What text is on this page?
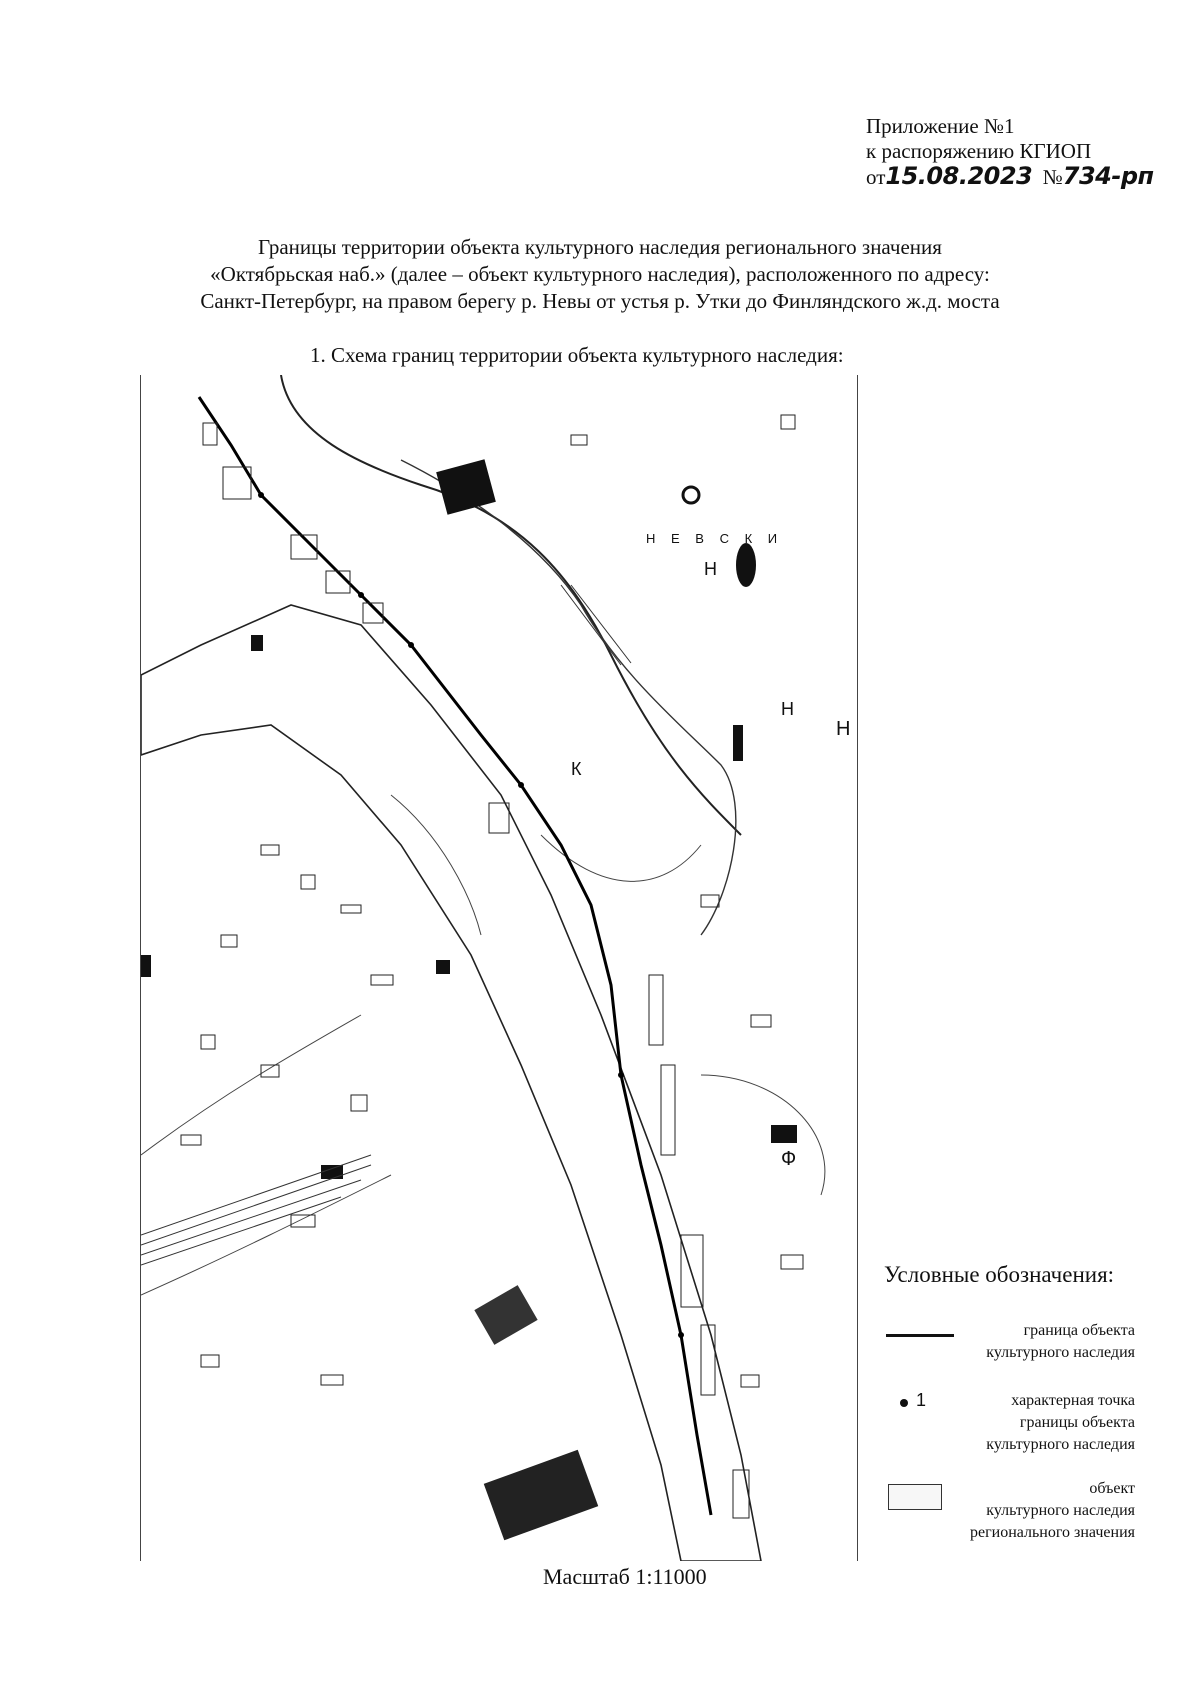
Приложение №1
к распоряжению КГИОП
от15.08.2023 №734-рп
Границы территории объекта культурного наследия регионального значения
«Октябрьская наб.» (далее – объект культурного наследия), расположенного по адресу:
Санкт-Петербург, на правом берегу р. Невы от устья р. Утки до Финляндского ж.д. моста
1. Схема границ территории объекта культурного наследия:
Н Е В С К И
Н
Н
К
Н
Ф
Условные обозначения:
граница объекта
культурного наследия
1	характерная точка
границы объекта
культурного наследия
объект
культурного наследия
регионального значения
Масштаб 1:11000
